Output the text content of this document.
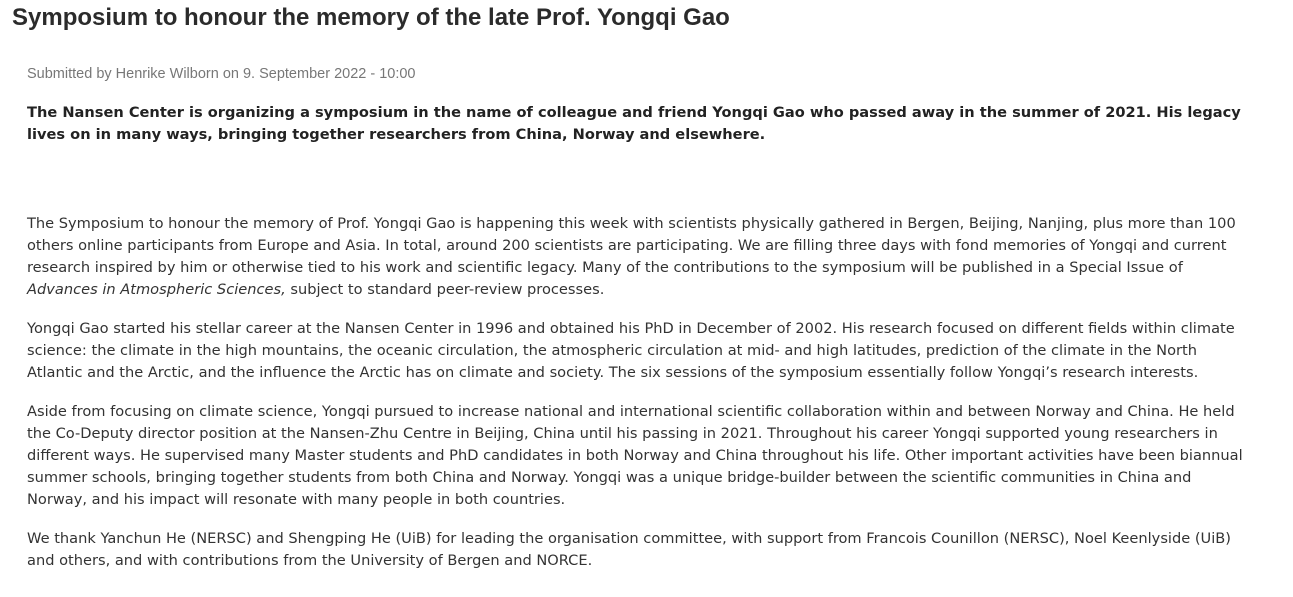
Symposium to honour the memory of the late Prof. Yongqi Gao
Submitted by Henrike Wilborn on 9. September 2022 - 10:00

The Nansen Center is organizing a symposium in the name of colleague and friend Yongqi Gao who passed away in the summer of 2021. His legacy lives on in many ways, bringing together researchers from China, Norway and elsewhere.

The Symposium to honour the memory of Prof. Yongqi Gao is happening this week with scientists physically gathered in Bergen, Beijing, Nanjing, plus more than 100 others online participants from Europe and Asia. In total, around 200 scientists are participating. We are filling three days with fond memories of Yongqi and current research inspired by him or otherwise tied to his work and scientific legacy. Many of the contributions to the symposium will be published in a Special Issue of Advances in Atmospheric Sciences, subject to standard peer-review processes.

Yongqi Gao started his stellar career at the Nansen Center in 1996 and obtained his PhD in December of 2002. His research focused on different fields within climate science: the climate in the high mountains, the oceanic circulation, the atmospheric circulation at mid- and high latitudes, prediction of the climate in the North Atlantic and the Arctic, and the influence the Arctic has on climate and society. The six sessions of the symposium essentially follow Yongqi’s research interests.

Aside from focusing on climate science, Yongqi pursued to increase national and international scientific collaboration within and between Norway and China. He held the Co-Deputy director position at the Nansen-Zhu Centre in Beijing, China until his passing in 2021. Throughout his career Yongqi supported young researchers in different ways. He supervised many Master students and PhD candidates in both Norway and China throughout his life. Other important activities have been biannual summer schools, bringing together students from both China and Norway. Yongqi was a unique bridge-builder between the scientific communities in China and Norway, and his impact will resonate with many people in both countries.

We thank Yanchun He (NERSC) and Shengping He (UiB) for leading the organisation committee, with support from Francois Counillon (NERSC), Noel Keenlyside (UiB) and others, and with contributions from the University of Bergen and NORCE.
